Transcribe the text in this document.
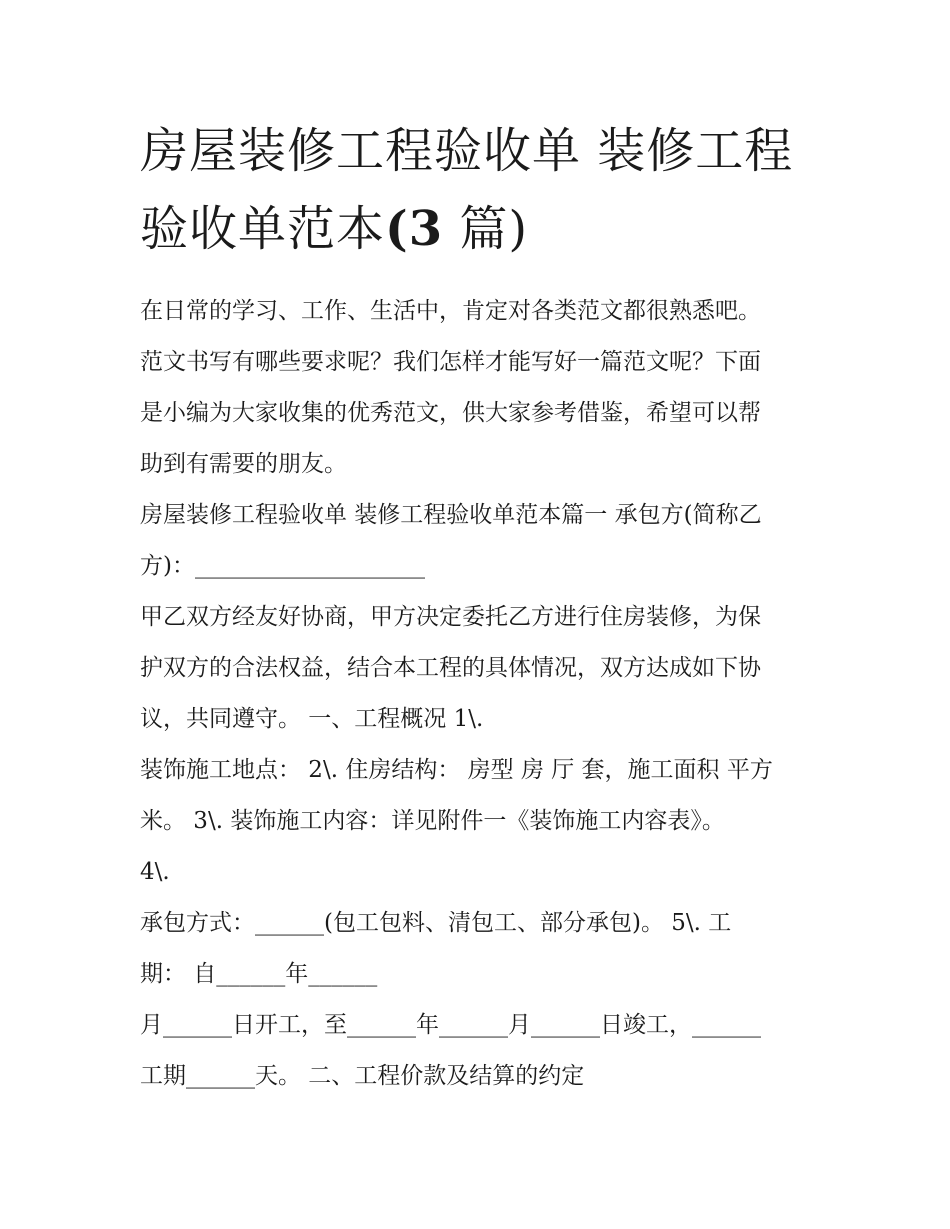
房屋装修工程验收单 装修工程
验收单范本(3 篇)

在日常的学习、工作、生活中，肯定对各类范文都很熟悉吧。

范文书写有哪些要求呢？我们怎样才能写好一篇范文呢？下面

是小编为大家收集的优秀范文，供大家参考借鉴，希望可以帮

助到有需要的朋友。

房屋装修工程验收单 装修工程验收单范本篇一 承包方(简称乙

方)：____________________

甲乙双方经友好协商，甲方决定委托乙方进行住房装修，为保

护双方的合法权益，结合本工程的具体情况，双方达成如下协

议，共同遵守。 一、工程概况 1\.

装饰施工地点： 2\. 住房结构： 房型 房 厅 套，施工面积 平方

米。 3\. 装饰施工内容：详见附件一《装饰施工内容表》。

4\.

承包方式：______(包工包料、清包工、部分承包)。 5\. 工

期： 自______年______

月______日开工，至______年______月______日竣工，______

工期______天。 二、工程价款及结算的约定
